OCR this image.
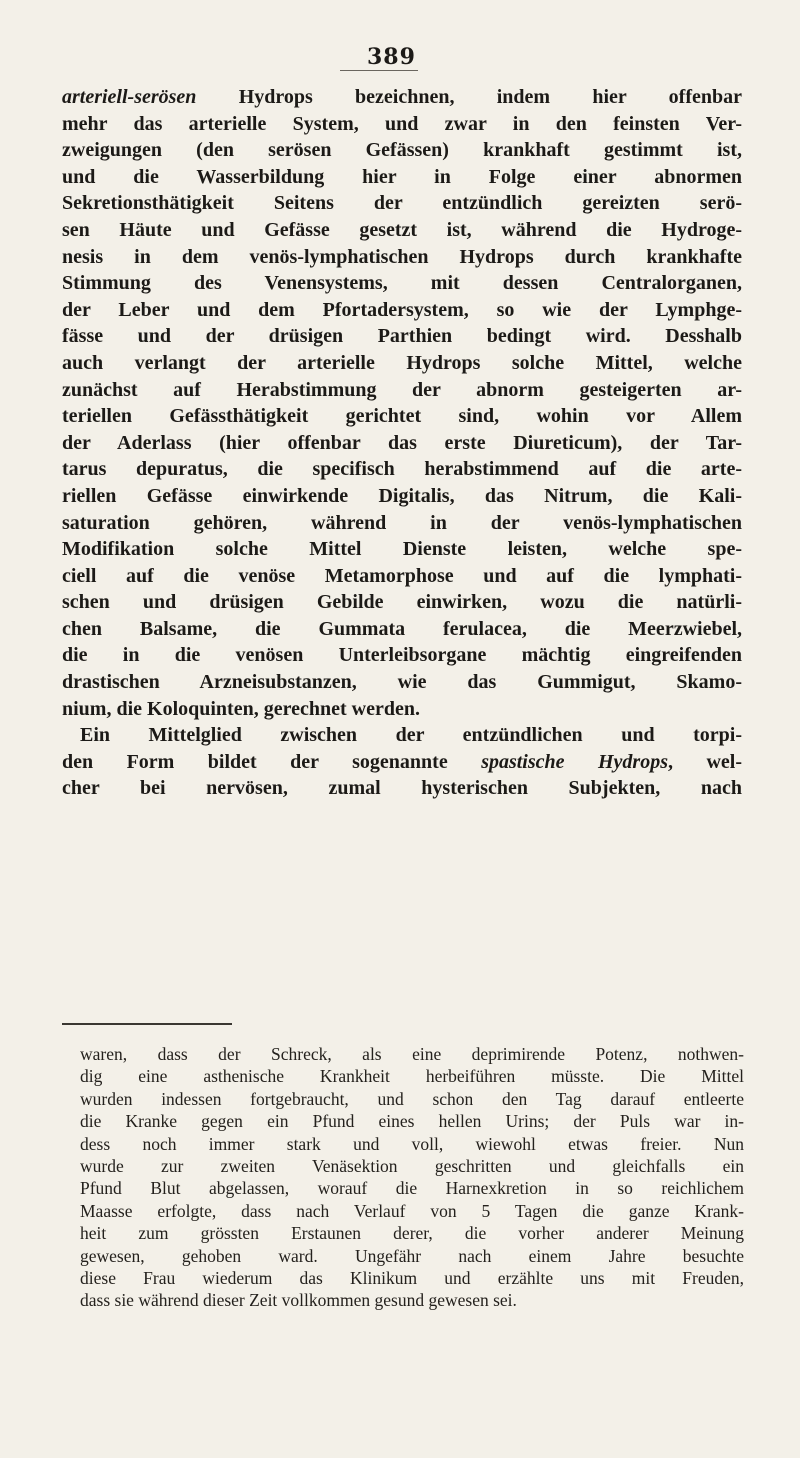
389
arteriell-serösen Hydrops bezeichnen, indem hier offenbar
mehr das arterielle System, und zwar in den feinsten Ver-
zweigungen (den serösen Gefässen) krankhaft gestimmt ist,
und die Wasserbildung hier in Folge einer abnormen
Sekretionsthätigkeit Seitens der entzündlich gereizten serö-
sen Häute und Gefässe gesetzt ist, während die Hydroge-
nesis in dem venös-lymphatischen Hydrops durch krankhafte
Stimmung des Venensystems, mit dessen Centralorganen,
der Leber und dem Pfortadersystem, so wie der Lymphge-
fässe und der drüsigen Parthien bedingt wird. Desshalb
auch verlangt der arterielle Hydrops solche Mittel, welche
zunächst auf Herabstimmung der abnorm gesteigerten ar-
teriellen Gefässthätigkeit gerichtet sind, wohin vor Allem
der Aderlass (hier offenbar das erste Diureticum), der Tar-
tarus depuratus, die specifisch herabstimmend auf die arte-
riellen Gefässe einwirkende Digitalis, das Nitrum, die Kali-
saturation gehören, während in der venös-lymphatischen
Modifikation solche Mittel Dienste leisten, welche spe-
ciell auf die venöse Metamorphose und auf die lymphati-
schen und drüsigen Gebilde einwirken, wozu die natürli-
chen Balsame, die Gummata ferulacea, die Meerzwiebel,
die in die venösen Unterleibsorgane mächtig eingreifenden
drastischen Arzneisubstanzen, wie das Gummigut, Skamo-
nium, die Koloquinten, gerechnet werden.
Ein Mittelglied zwischen der entzündlichen und torpi-
den Form bildet der sogenannte spastische Hydrops, wel-
cher bei nervösen, zumal hysterischen Subjekten, nach
waren, dass der Schreck, als eine deprimirende Potenz, nothwen-
dig eine asthenische Krankheit herbeiführen müsste. Die Mittel
wurden indessen fortgebraucht, und schon den Tag darauf entleerte
die Kranke gegen ein Pfund eines hellen Urins; der Puls war in-
dess noch immer stark und voll, wiewohl etwas freier. Nun
wurde zur zweiten Venäsektion geschritten und gleichfalls ein
Pfund Blut abgelassen, worauf die Harnexkretion in so reichlichem
Maasse erfolgte, dass nach Verlauf von 5 Tagen die ganze Krank-
heit zum grössten Erstaunen derer, die vorher anderer Meinung
gewesen, gehoben ward. Ungefähr nach einem Jahre besuchte
diese Frau wiederum das Klinikum und erzählte uns mit Freuden,
dass sie während dieser Zeit vollkommen gesund gewesen sei.
